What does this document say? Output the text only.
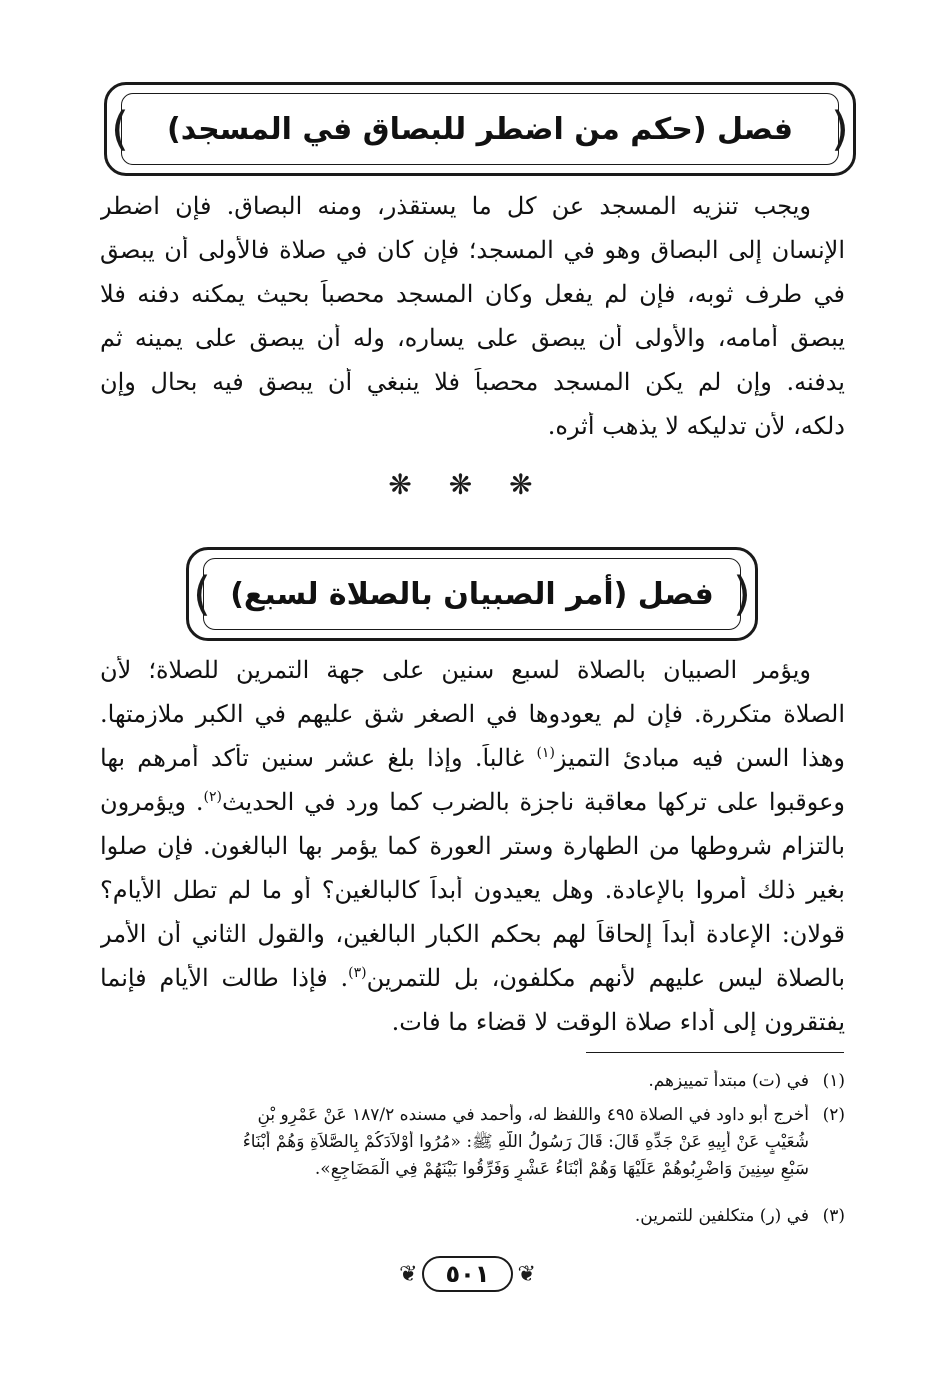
(	)
فصل (حكم من اضطر للبصاق في المسجد)
ويجب تنزيه المسجد عن كل ما يستقذر، ومنه البصاق. فإن اضطر
الإنسان إلى البصاق وهو في المسجد؛ فإن كان في صلاة فالأولى أن يبصق
في طرف ثوبه، فإن لم يفعل وكان المسجد محصباً بحيث يمكنه دفنه فلا
يبصق أمامه، والأولى أن يبصق على يساره، وله أن يبصق على يمينه ثم
يدفنه. وإن لم يكن المسجد محصباً فلا ينبغي أن يبصق فيه بحال وإن
دلكه، لأن تدليكه لا يذهب أثره.
❋ ❋ ❋
(	)
فصل (أمر الصبيان بالصلاة لسبع)
ويؤمر الصبيان بالصلاة لسبع سنين على جهة التمرين للصلاة؛ لأن
الصلاة متكررة. فإن لم يعودوها في الصغر شق عليهم في الكبر ملازمتها.
وهذا السن فيه مبادئ التميز$^{(١)}$ غالباً. وإذا بلغ عشر سنين تأكد أمرهم بها
وعوقبوا على تركها معاقبة ناجزة بالضرب كما ورد في الحديث$^{(٢)}$. ويؤمرون
بالتزام شروطها من الطهارة وستر العورة كما يؤمر بها البالغون. فإن صلوا
بغير ذلك أمروا بالإعادة. وهل يعيدون أبداً كالبالغين؟ أو ما لم تطل الأيام؟
قولان: الإعادة أبداً إلحاقاً لهم بحكم الكبار البالغين، والقول الثاني أن الأمر
بالصلاة ليس عليهم لأنهم مكلفون، بل للتمرين$^{(٣)}$. فإذا طالت الأيام فإنما
يفتقرون إلى أداء صلاة الوقت لا قضاء ما فات.
(١)في (ت) مبتدأ تمييزهم.
(٢)أخرج أبو داود في الصلاة ٤٩٥ واللفظ له، وأحمد في مسنده ١٨٧/٢ عَنْ عَمْرِو بْنِ
شُعَيْبٍ عَنْ أَبِيهِ عَنْ جَدِّهِ قَالَ: قَالَ رَسُولُ اللَّهِ ﷺ: «مُرُوا أَوْلاَدَكُمْ بِالصَّلاَةِ وَهُمْ أَبْنَاءُ
سَبْعِ سِنِينَ وَاضْرِبُوهُمْ عَلَيْهَا وَهُمْ أَبْنَاءُ عَشْرٍ وَفَرِّقُوا بَيْنَهُمْ فِي الْمَضَاجِعِ».
(٣)في (ر) متكلفين للتمرين.
❦	٥٠١	❦
